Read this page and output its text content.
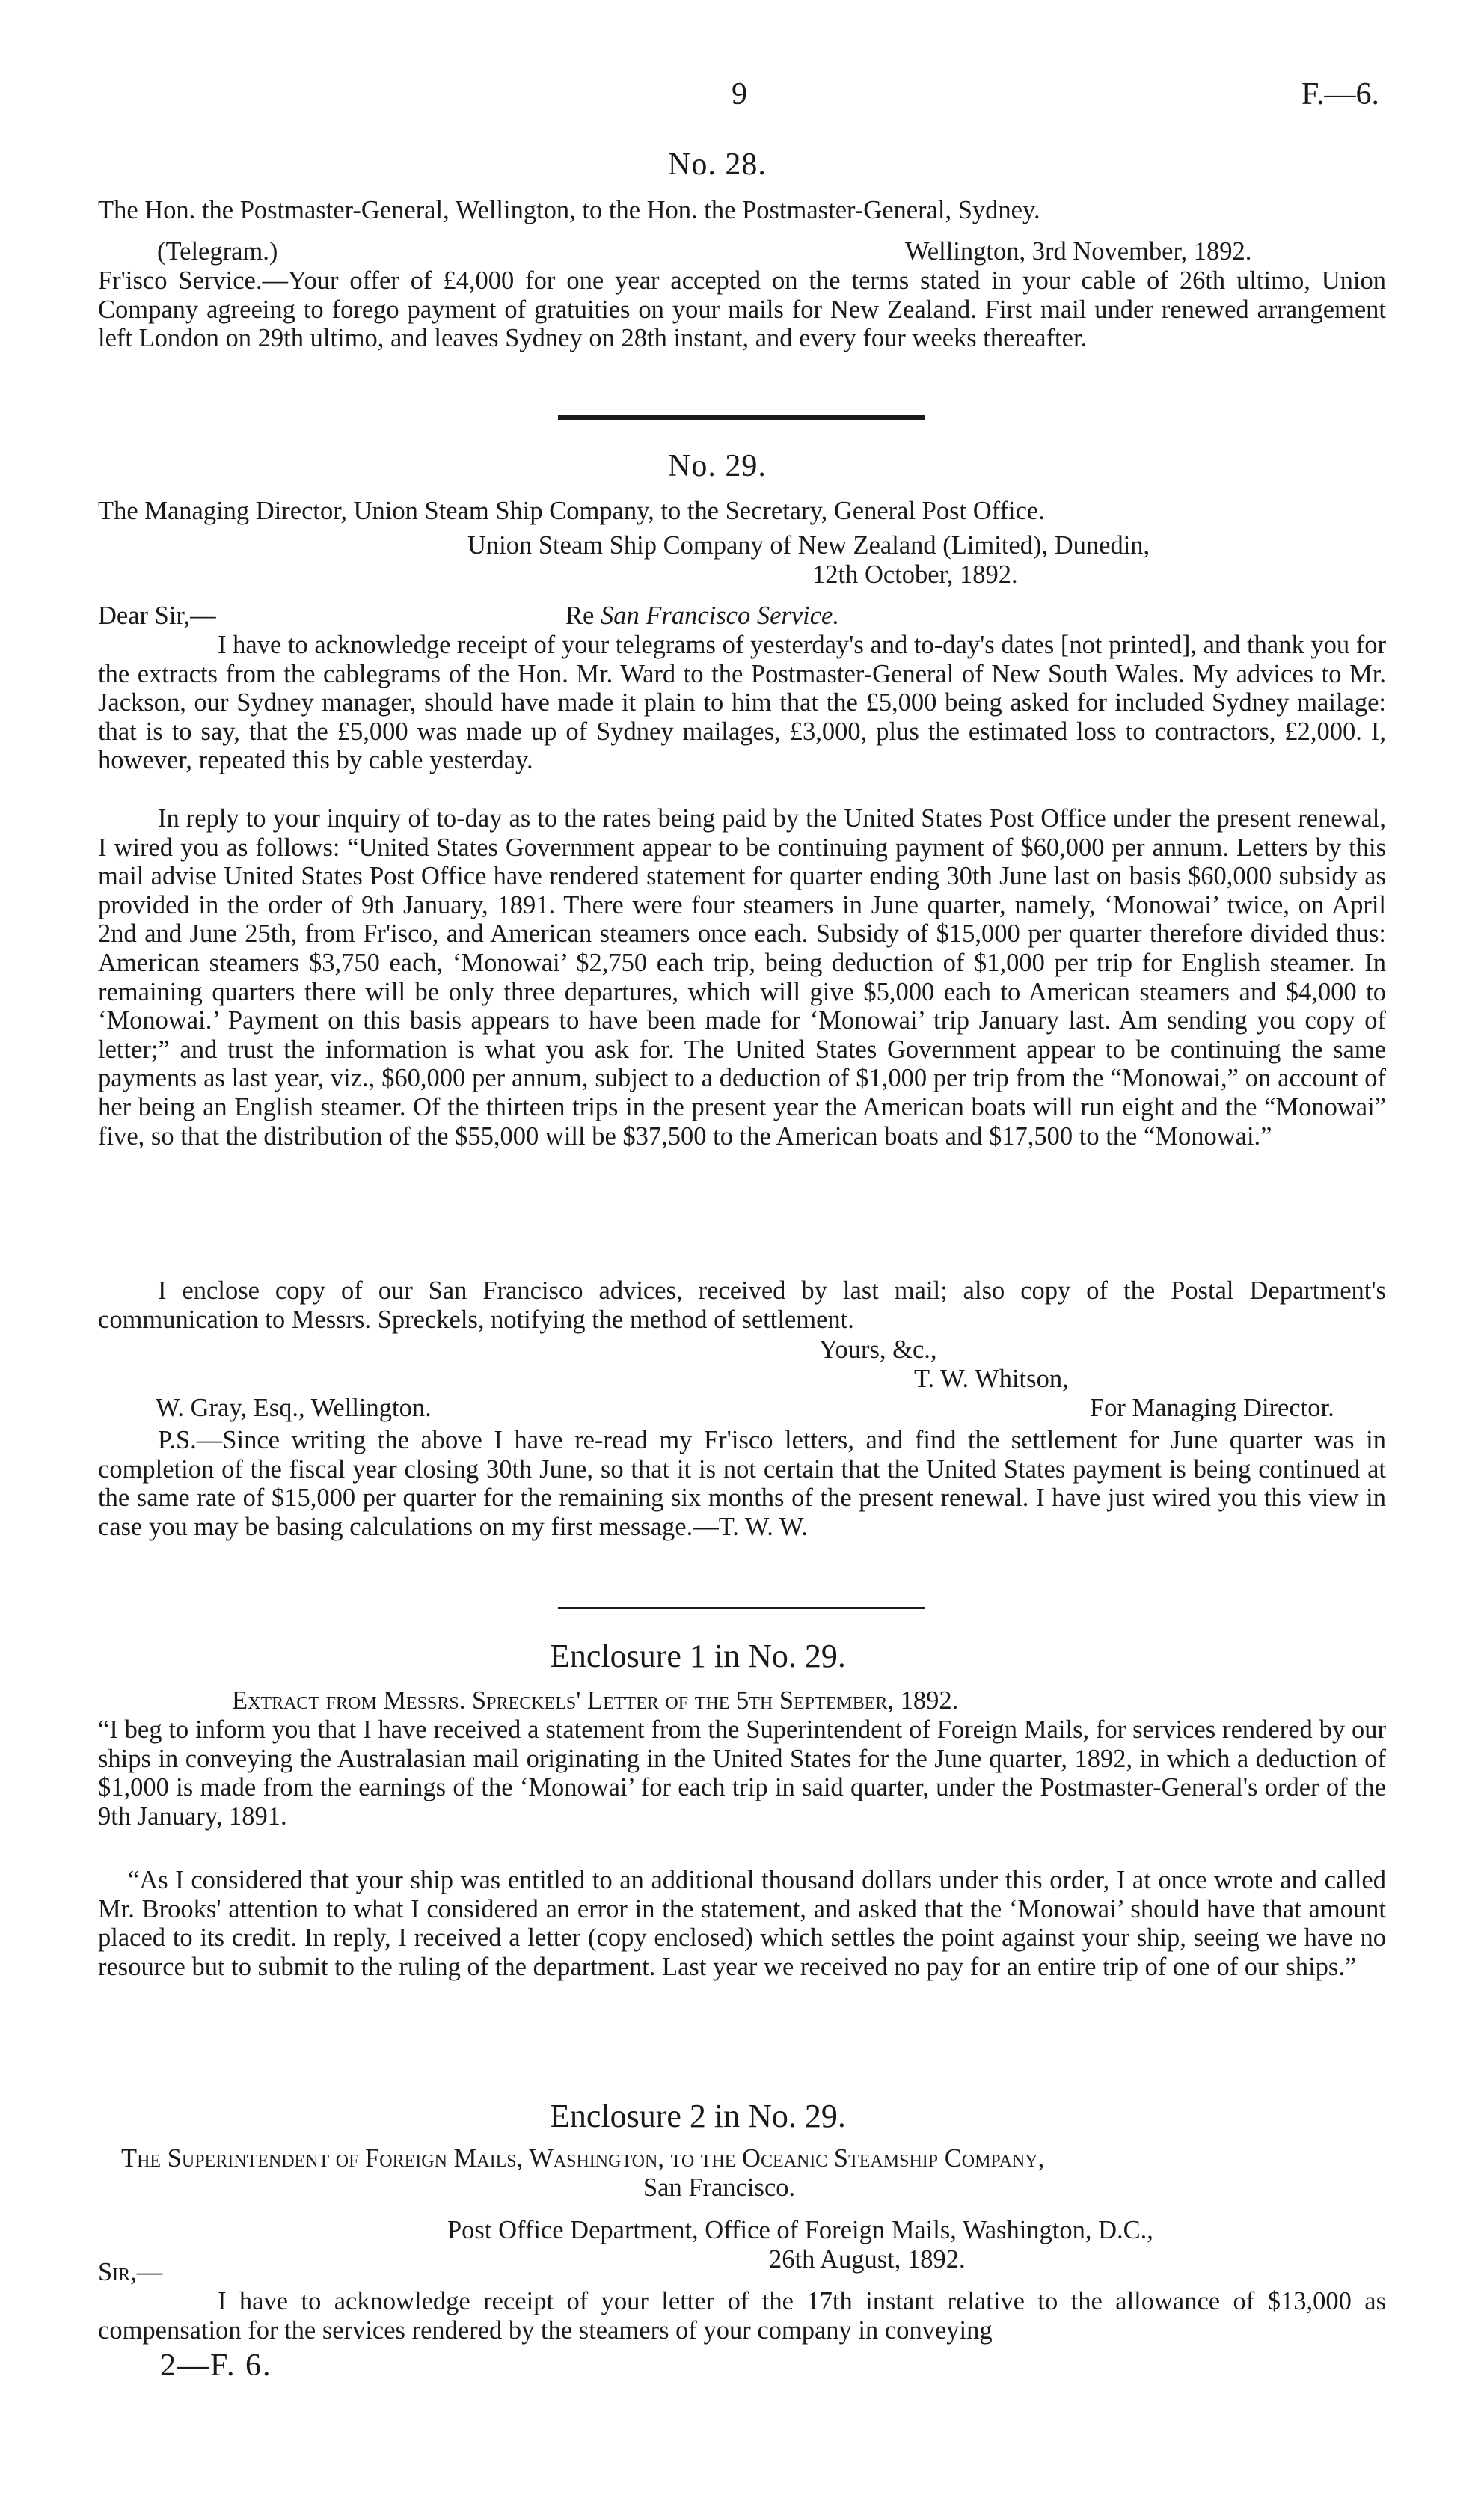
9	F.—6.
No. 28.
The Hon. the Postmaster-General, Wellington, to the Hon. the Postmaster-General, Sydney.
(Telegram.)	Wellington, 3rd November, 1892.
Fr'isco Service.—Your offer of £4,000 for one year accepted on the terms stated in your cable of 26th ultimo, Union Company agreeing to forego payment of gratuities on your mails for New Zealand. First mail under renewed arrangement left London on 29th ultimo, and leaves Sydney on 28th instant, and every four weeks thereafter.
No. 29.
The Managing Director, Union Steam Ship Company, to the Secretary, General Post Office.
Union Steam Ship Company of New Zealand (Limited), Dunedin,
12th October, 1892.
Dear Sir,—	Re San Francisco Service.
I have to acknowledge receipt of your telegrams of yesterday's and to-day's dates [not printed], and thank you for the extracts from the cablegrams of the Hon. Mr. Ward to the Postmaster-General of New South Wales. My advices to Mr. Jackson, our Sydney manager, should have made it plain to him that the £5,000 being asked for included Sydney mailage: that is to say, that the £5,000 was made up of Sydney mailages, £3,000, plus the estimated loss to contractors, £2,000. I, however, repeated this by cable yesterday.
In reply to your inquiry of to-day as to the rates being paid by the United States Post Office under the present renewal, I wired you as follows: “United States Government appear to be continuing payment of $60,000 per annum. Letters by this mail advise United States Post Office have rendered statement for quarter ending 30th June last on basis $60,000 subsidy as provided in the order of 9th January, 1891. There were four steamers in June quarter, namely, ‘Monowai’ twice, on April 2nd and June 25th, from Fr'isco, and American steamers once each. Subsidy of $15,000 per quarter therefore divided thus: American steamers $3,750 each, ‘Monowai’ $2,750 each trip, being deduction of $1,000 per trip for English steamer. In remaining quarters there will be only three departures, which will give $5,000 each to American steamers and $4,000 to ‘Monowai.’ Payment on this basis appears to have been made for ‘Monowai’ trip January last. Am sending you copy of letter;” and trust the information is what you ask for. The United States Government appear to be continuing the same payments as last year, viz., $60,000 per annum, subject to a deduction of $1,000 per trip from the “Monowai,” on account of her being an English steamer. Of the thirteen trips in the present year the American boats will run eight and the “Monowai” five, so that the distribution of the $55,000 will be $37,500 to the American boats and $17,500 to the “Monowai.”
I enclose copy of our San Francisco advices, received by last mail; also copy of the Postal Department's communication to Messrs. Spreckels, notifying the method of settlement.
Yours, &c.,
T. W. Whitson,
W. Gray, Esq., Wellington.	For Managing Director.
P.S.—Since writing the above I have re-read my Fr'isco letters, and find the settlement for June quarter was in completion of the fiscal year closing 30th June, so that it is not certain that the United States payment is being continued at the same rate of $15,000 per quarter for the remaining six months of the present renewal. I have just wired you this view in case you may be basing calculations on my first message.—T. W. W.
Enclosure 1 in No. 29.
Extract from Messrs. Spreckels' Letter of the 5th September, 1892.
“I beg to inform you that I have received a statement from the Superintendent of Foreign Mails, for services rendered by our ships in conveying the Australasian mail originating in the United States for the June quarter, 1892, in which a deduction of $1,000 is made from the earnings of the ‘Monowai’ for each trip in said quarter, under the Postmaster-General's order of the 9th January, 1891.
“As I considered that your ship was entitled to an additional thousand dollars under this order, I at once wrote and called Mr. Brooks' attention to what I considered an error in the statement, and asked that the ‘Monowai’ should have that amount placed to its credit. In reply, I received a letter (copy enclosed) which settles the point against your ship, seeing we have no resource but to submit to the ruling of the department. Last year we received no pay for an entire trip of one of our ships.”
Enclosure 2 in No. 29.
The Superintendent of Foreign Mails, Washington, to the Oceanic Steamship Company,
San Francisco.
Post Office Department, Office of Foreign Mails, Washington, D.C.,
26th August, 1892.
Sir,—
I have to acknowledge receipt of your letter of the 17th instant relative to the allowance of $13,000 as compensation for the services rendered by the steamers of your company in conveying
2—F. 6.
